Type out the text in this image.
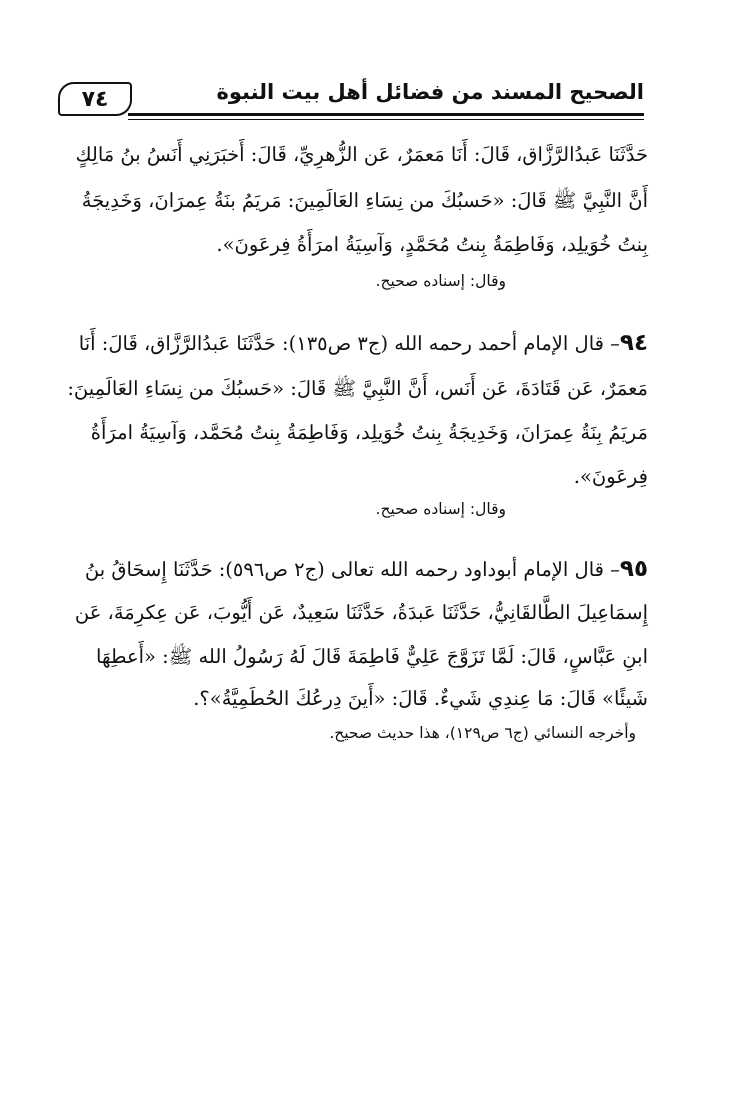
٧٤	الصحيح المسند من فضائل أهل بيت النبوة
حَدَّثَنَا عَبدُالرَّزَّاق، قَالَ: أَنَا مَعمَرٌ، عَن الزُّهرِيِّ، قَالَ: أَخبَرَنِي أَنَسُ بنُ مَالِكٍ
أَنَّ النَّبِيَّ ﷺ قَالَ: «حَسبُكَ من نِسَاءِ العَالَمِينَ: مَريَمُ بنَةُ عِمرَانَ، وَخَدِيجَةُ
بِنتُ خُوَيلِد، وَفَاطِمَةُ بِنتُ مُحَمَّدٍ، وَآسِيَةُ امرَأَةُ فِرعَونَ».
وقال: إسناده صحيح.
٩٤– قال الإمام أحمد رحمه الله (ج٣ ص١٣٥): حَدَّثَنَا عَبدُالرَّزَّاق، قَالَ: أَنَا
مَعمَرٌ، عَن قَتَادَةَ، عَن أَنَس، أَنَّ النَّبِيَّ ﷺ قَالَ: «حَسبُكَ من نِسَاءِ العَالَمِينَ:
مَريَمُ بِنَةُ عِمرَانَ، وَخَدِيجَةُ بِنتُ خُوَيلِد، وَفَاطِمَةُ بِنتُ مُحَمَّد، وَآسِيَةُ امرَأَةُ
فِرعَونَ».
وقال: إسناده صحيح.
٩٥– قال الإمام أبوداود رحمه الله تعالى (ج٢ ص٥٩٦): حَدَّثَنَا إِسحَاقُ بنُ
إِسمَاعِيلَ الطَّالقَانِيُّ، حَدَّثَنَا عَبدَةُ، حَدَّثَنَا سَعِيدٌ، عَن أَيُّوبَ، عَن عِكرِمَةَ، عَن
ابنِ عَبَّاسٍ، قَالَ: لَمَّا تَزَوَّجَ عَلِيٌّ فَاطِمَةَ قَالَ لَهُ رَسُولُ الله ﷺ: «أَعطِهَا
شَيئًا» قَالَ: مَا عِندِي شَيءٌ. قَالَ: «أَينَ دِرعُكَ الحُطَمِيَّةُ»؟.
وأخرجه النسائي (ج٦ ص١٢٩)، هذا حديث صحيح.
